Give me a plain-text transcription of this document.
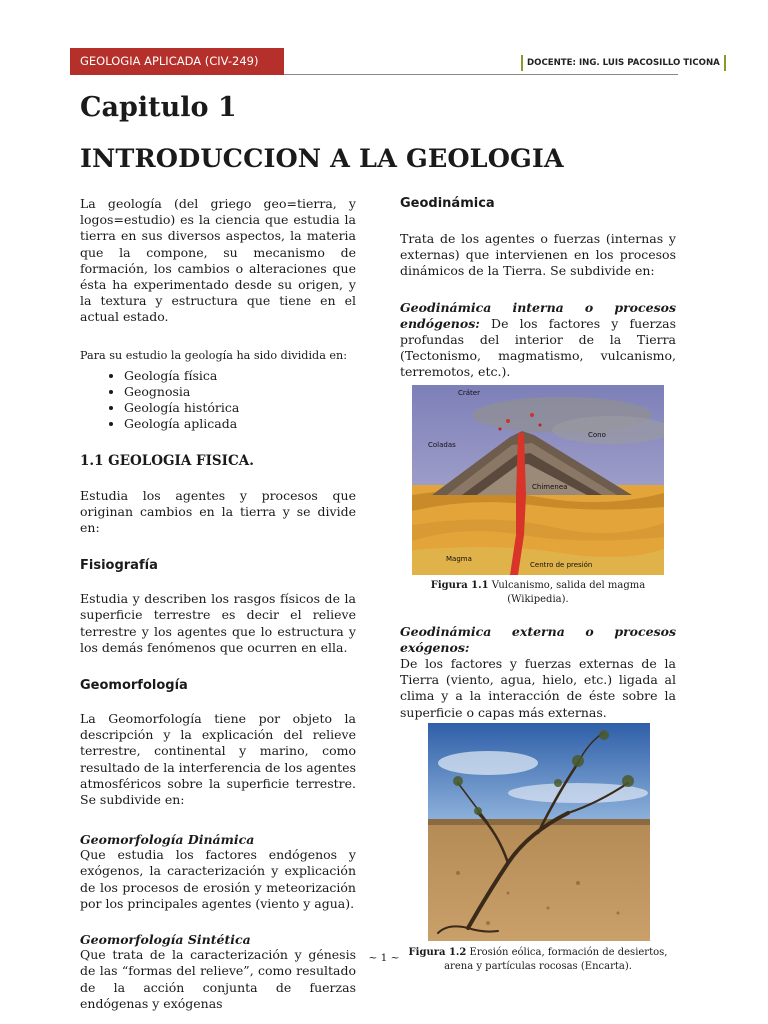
GEOLOGIA APLICADA (CIV-249)	DOCENTE: ING. LUIS PACOSILLO TICONA
Capitulo 1
INTRODUCCION A LA GEOLOGIA

La geología (del griego geo=tierra, y logos=estudio) es la ciencia que estudia la tierra en sus diversos aspectos, la materia que la compone, su mecanismo de formación, los cambios o alteraciones que ésta ha experimentado desde su origen, y la textura y estructura que tiene en el actual estado.

Para su estudio la geología ha sido dividida en:

• Geología física
• Geognosia
• Geología histórica
• Geología aplicada
1.1 GEOLOGIA FISICA.

Estudia los agentes y procesos que originan cambios en la tierra y se divide en:

Fisiografía

Estudia y describen los rasgos físicos de la superficie terrestre es decir el relieve terrestre y los agentes que lo estructura y los demás fenómenos que ocurren en ella.

Geomorfología

La Geomorfología tiene por objeto la descripción y la explicación del relieve terrestre, continental y marino, como resultado de la interferencia de los agentes atmosféricos sobre la superficie terrestre. Se subdivide en:

Geomorfología Dinámica

Que estudia los factores endógenos y exógenos, la caracterización y explicación de los procesos de erosión y meteorización por los principales agentes (viento y agua).

Geomorfología Sintética

Que trata de la caracterización y génesis de las “formas del relieve”, como resultado de la acción conjunta de fuerzas endógenas y exógenas

Geodinámica

Trata de los agentes o fuerzas (internas y externas) que intervienen en los procesos dinámicos de la Tierra. Se subdivide en:

Geodinámica interna o procesos endógenos: De los factores y fuerzas profundas del interior de la Tierra (Tectonismo, magmatismo, vulcanismo, terremotos, etc.).

Cráter
Cono
Coladas
Chimenea
Magma
Centro de presión
Figura 1.1 Vulcanismo, salida del magma (Wikipedia).

Geodinámica externa o procesos exógenos:
De los factores y fuerzas externas de la Tierra (viento, agua, hielo, etc.) ligada al clima y a la interacción de éste sobre la superficie o capas más externas.

Figura 1.2 Erosión eólica, formación de desiertos, arena y partículas rocosas (Encarta).
~ 1 ~
